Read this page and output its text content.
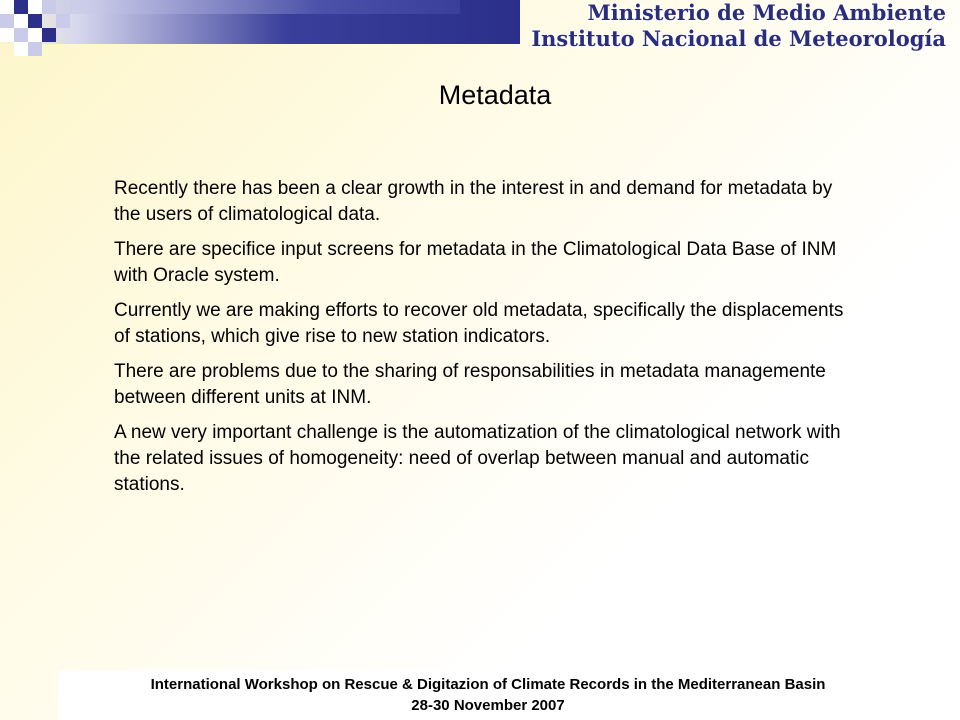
Ministerio de Medio Ambiente
Instituto Nacional de Meteorología
Metadata

Recently there has been a clear growth in the interest in and demand for metadata by the users of climatological data.

There are specifice input screens for metadata in the Climatological Data Base of INM with Oracle system.

Currently we are making efforts to recover old metadata, specifically the displacements of stations, which give rise to new station indicators.

There are problems due to the sharing of responsabilities in metadata managemente between different units at INM.

A new very important challenge is the automatization of the climatological network with the related issues of homogeneity: need of overlap between manual and automatic stations.

International Workshop on Rescue & Digitazion of Climate Records in the Mediterranean Basin
28-30 November 2007
